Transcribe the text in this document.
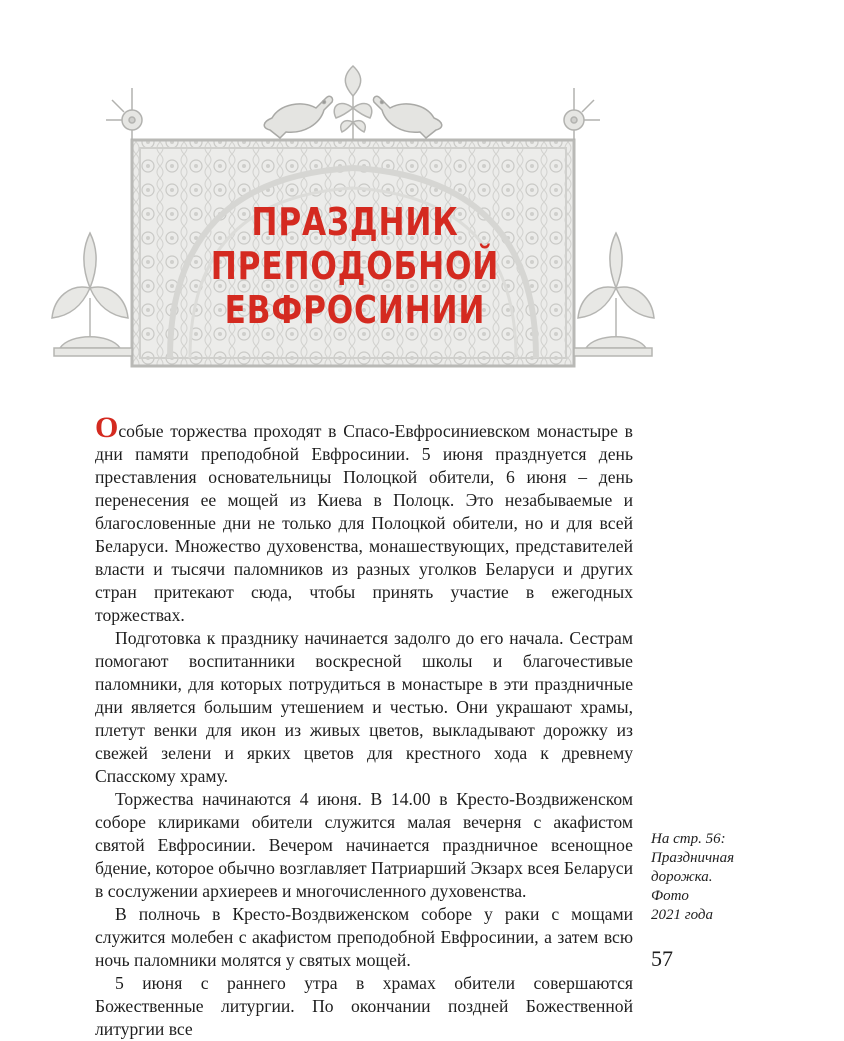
ПРАЗДНИК
ПРЕПОДОБНОЙ
ЕВФРОСИНИИ

Особые торжества проходят в Спасо-Евфросиниевском монастыре в дни памяти преподобной Евфросинии. 5 июня празднуется день преставления основательницы Полоцкой обители, 6 июня – день перенесения ее мощей из Киева в Полоцк. Это незабываемые и благословенные дни не только для Полоцкой обители, но и для всей Беларуси. Множество духовенства, монашествующих, представителей власти и тысячи паломников из разных уголков Беларуси и других стран притекают сюда, чтобы принять участие в ежегодных торжествах.

Подготовка к празднику начинается задолго до его начала. Сестрам помогают воспитанники воскресной школы и благочестивые паломники, для которых потрудиться в монастыре в эти праздничные дни является большим утешением и честью. Они украшают храмы, плетут венки для икон из живых цветов, выкладывают дорожку из свежей зелени и ярких цветов для крестного хода к древнему Спасскому храму.

Торжества начинаются 4 июня. В 14.00 в Кресто-Воздвиженском соборе клириками обители служится малая вечерня с акафистом святой Евфросинии. Вечером начинается праздничное всенощное бдение, которое обычно возглавляет Патриарший Экзарх всея Беларуси в сослужении архиереев и многочисленного духовенства.

В полночь в Кресто-Воздвиженском соборе у раки с мощами служится молебен с акафистом преподобной Евфросинии, а затем всю ночь паломники молятся у святых мощей.

5 июня с раннего утра в храмах обители совершаются Божественные литургии. По окончании поздней Божественной литургии все

На стр. 56:
Праздничная
дорожка.
Фото
2021 года
57
